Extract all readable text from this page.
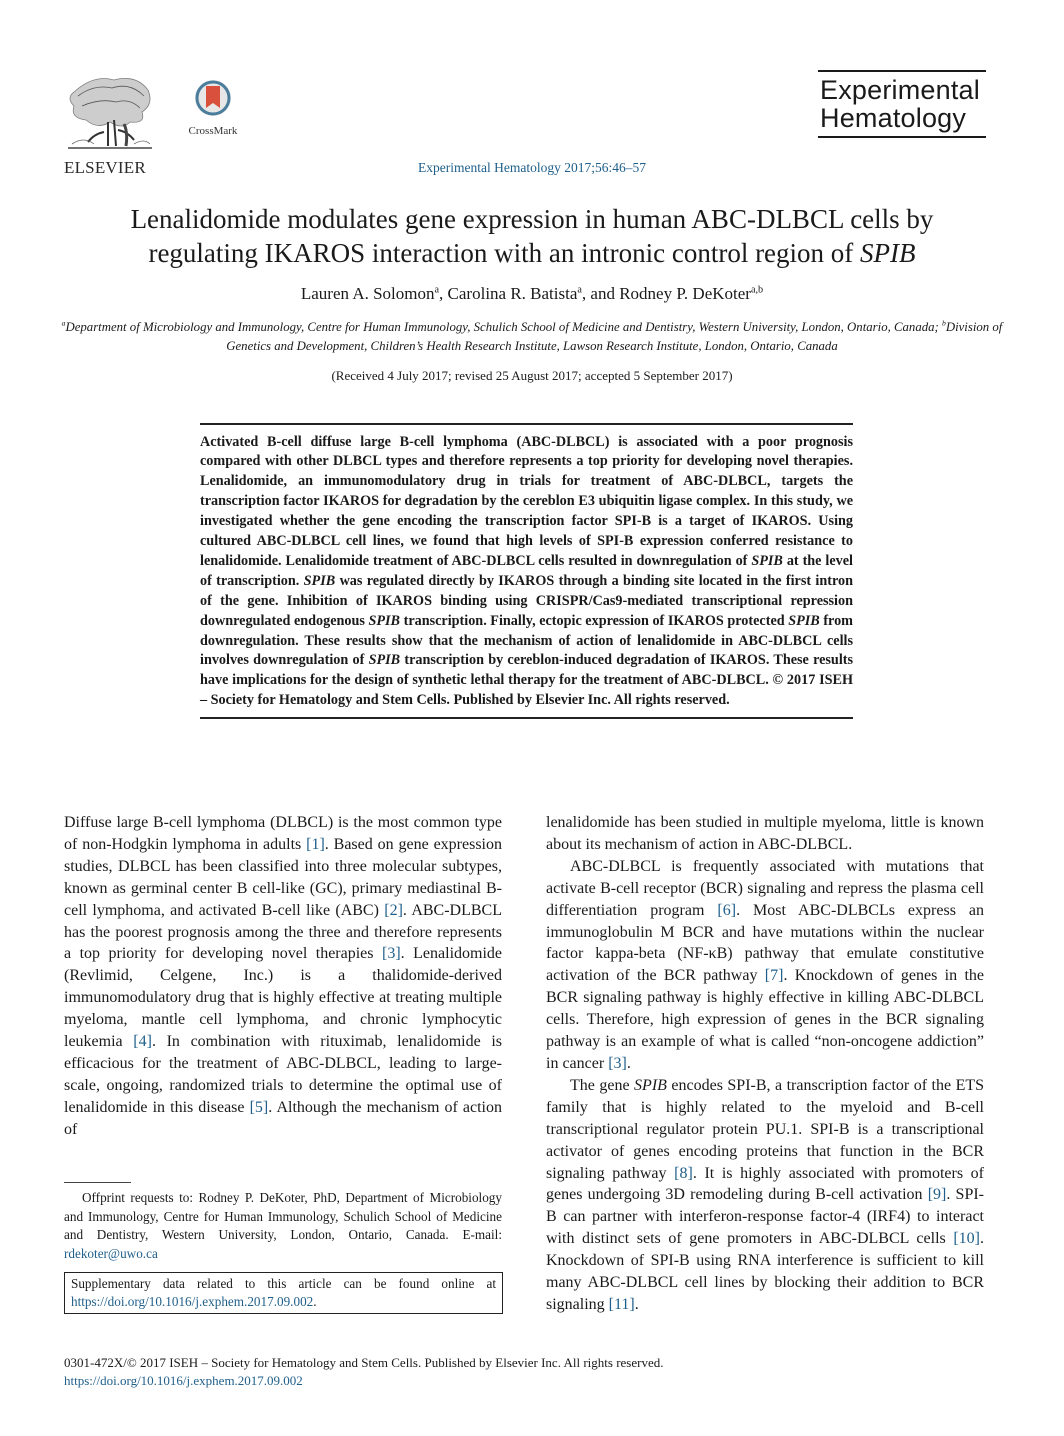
ELSEVIER
CrossMark
Experimental
Hematology
Experimental Hematology 2017;56:46–57
Lenalidomide modulates gene expression in human ABC-DLBCL cells by
regulating IKAROS interaction with an intronic control region of SPIB
Lauren A. Solomon$^a$, Carolina R. Batista$^a$, and Rodney P. DeKoter$^{a,b}$
$^a$Department of Microbiology and Immunology, Centre for Human Immunology, Schulich School of Medicine and Dentistry, Western University, London, Ontario, Canada; $^b$Division of Genetics and Development, Children’s Health Research Institute, Lawson Research Institute, London, Ontario, Canada
(Received 4 July 2017; revised 25 August 2017; accepted 5 September 2017)
Activated B-cell diffuse large B-cell lymphoma (ABC-DLBCL) is associated with a poor prognosis compared with other DLBCL types and therefore represents a top priority for developing novel therapies. Lenalidomide, an immunomodulatory drug in trials for treatment of ABC-DLBCL, targets the transcription factor IKAROS for degradation by the cereblon E3 ubiquitin ligase complex. In this study, we investigated whether the gene encoding the transcription factor SPI-B is a target of IKAROS. Using cultured ABC-DLBCL cell lines, we found that high levels of SPI-B expression conferred resistance to lenalidomide. Lenalidomide treatment of ABC-DLBCL cells resulted in downregulation of SPIB at the level of transcription. SPIB was regulated directly by IKAROS through a binding site located in the first intron of the gene. Inhibition of IKAROS binding using CRISPR/Cas9-mediated transcriptional repression downregulated endogenous SPIB transcription. Finally, ectopic expression of IKAROS protected SPIB from downregulation. These results show that the mechanism of action of lenalidomide in ABC-DLBCL cells involves downregulation of SPIB transcription by cereblon-induced degradation of IKAROS. These results have implications for the design of synthetic lethal therapy for the treatment of ABC-DLBCL. © 2017 ISEH – Society for Hematology and Stem Cells. Published by Elsevier Inc. All rights reserved.

Diffuse large B-cell lymphoma (DLBCL) is the most common type of non-Hodgkin lymphoma in adults [1]. Based on gene expression studies, DLBCL has been classified into three molecular subtypes, known as germinal center B cell-like (GC), primary mediastinal B-cell lymphoma, and activated B-cell like (ABC) [2]. ABC-DLBCL has the poorest prognosis among the three and therefore represents a top priority for developing novel therapies [3]. Lenalidomide (Revlimid, Celgene, Inc.) is a thalidomide-derived immunomodulatory drug that is highly effective at treating multiple myeloma, mantle cell lymphoma, and chronic lymphocytic leukemia [4]. In combination with rituximab, lenalidomide is efficacious for the treatment of ABC-DLBCL, leading to large-scale, ongoing, randomized trials to determine the optimal use of lenalidomide in this disease [5]. Although the mechanism of action of

lenalidomide has been studied in multiple myeloma, little is known about its mechanism of action in ABC-DLBCL.

ABC-DLBCL is frequently associated with mutations that activate B-cell receptor (BCR) signaling and repress the plasma cell differentiation program [6]. Most ABC-DLBCLs express an immunoglobulin M BCR and have mutations within the nuclear factor kappa-beta (NF-κB) pathway that emulate constitutive activation of the BCR pathway [7]. Knockdown of genes in the BCR signaling pathway is highly effective in killing ABC-DLBCL cells. Therefore, high expression of genes in the BCR signaling pathway is an example of what is called “non-oncogene addiction” in cancer [3].

The gene SPIB encodes SPI-B, a transcription factor of the ETS family that is highly related to the myeloid and B-cell transcriptional regulator protein PU.1. SPI-B is a transcriptional activator of genes encoding proteins that function in the BCR signaling pathway [8]. It is highly associated with promoters of genes undergoing 3D remodeling during B-cell activation [9]. SPI-B can partner with interferon-response factor-4 (IRF4) to interact with distinct sets of gene promoters in ABC-DLBCL cells [10]. Knockdown of SPI-B using RNA interference is sufficient to kill many ABC-DLBCL cell lines by blocking their addition to BCR signaling [11].

Offprint requests to: Rodney P. DeKoter, PhD, Department of Microbiology and Immunology, Centre for Human Immunology, Schulich School of Medicine and Dentistry, Western University, London, Ontario, Canada. E-mail: rdekoter@uwo.ca

Supplementary data related to this article can be found online at https://doi.org/10.1016/j.exphem.2017.09.002.
0301-472X/© 2017 ISEH – Society for Hematology and Stem Cells. Published by Elsevier Inc. All rights reserved.
https://doi.org/10.1016/j.exphem.2017.09.002
